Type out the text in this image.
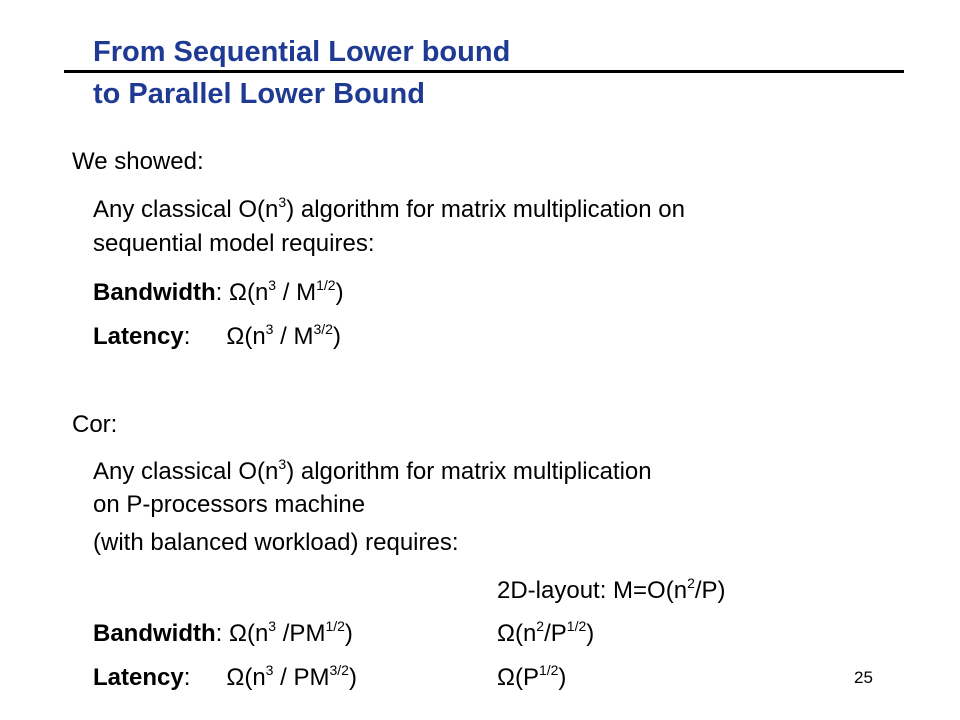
From Sequential Lower bound
to Parallel Lower Bound

We showed:

Any classical $O(n^3)$ algorithm for matrix multiplication on

sequential model requires:

Bandwidth: $\Omega(n^3 / M^{1/2})$

Latency: $\Omega(n^3 / M^{3/2})$

Cor:

Any classical $O(n^3)$ algorithm for matrix multiplication

on P-processors machine

(with balanced workload) requires:

2D-layout: $M=O(n^2/P)$

Bandwidth: $\Omega(n^3$ $/PM^{1/2}$)	$\Omega(n^2/P^{1/2})$

Latency: $\Omega(n^3 / PM^{3/2})$	$\Omega(P^{1/2})$	25
